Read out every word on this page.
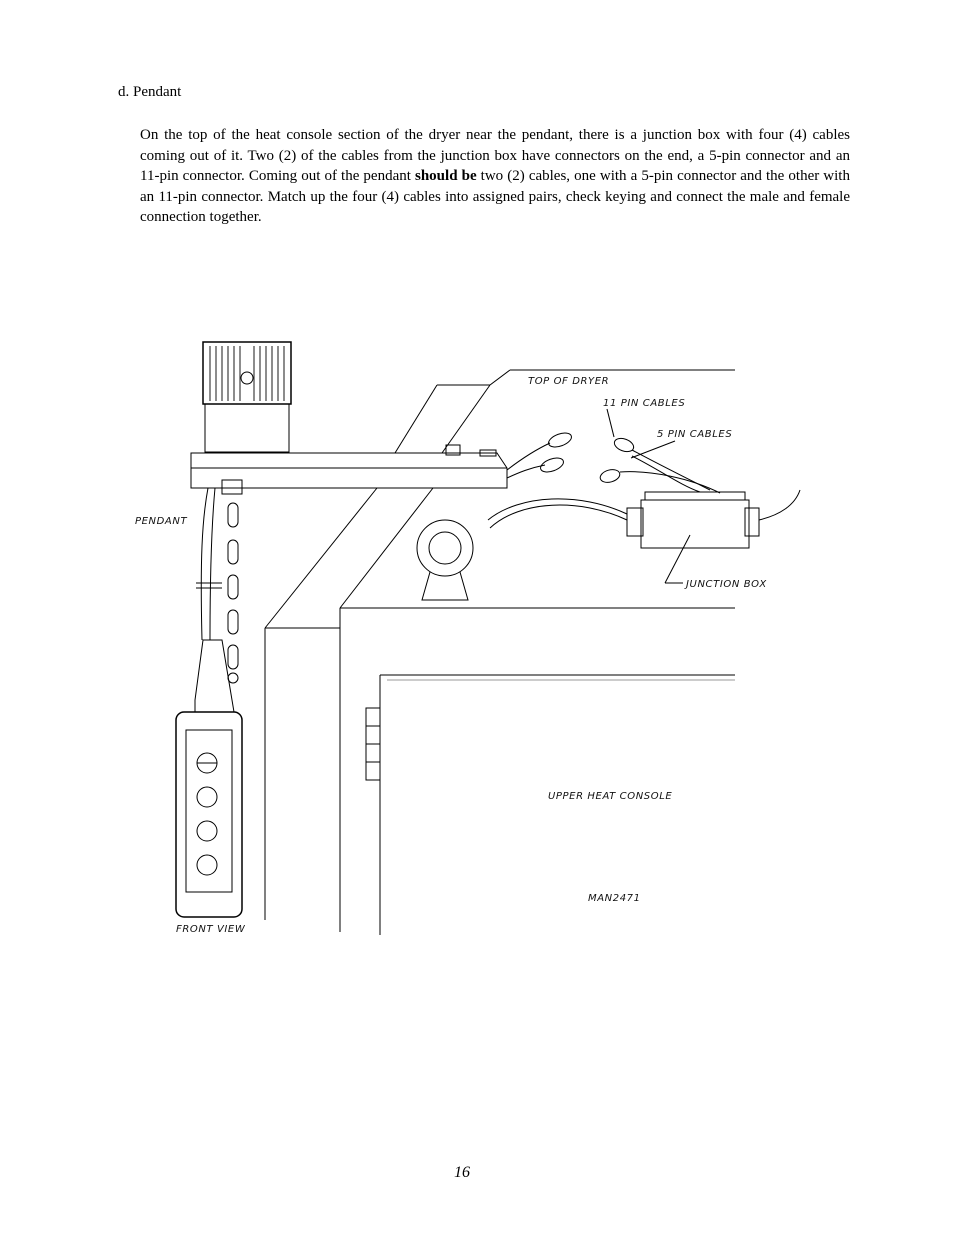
d. Pendant
On the top of the heat console section of the dryer near the pendant, there is a junction box with four (4) cables coming out of it. Two (2) of the cables from the junction box have connectors on the end, a 5-pin connector and an 11-pin connector. Coming out of the pendant should be two (2) cables, one with a 5-pin connector and the other with an 11-pin connector. Match up the four (4) cables into assigned pairs, check keying and connect the male and female connection together.
TOP OF DRYER
11 PIN CABLES
5 PIN CABLES
PENDANT
JUNCTION BOX
UPPER HEAT CONSOLE
MAN2471
FRONT VIEW
16
